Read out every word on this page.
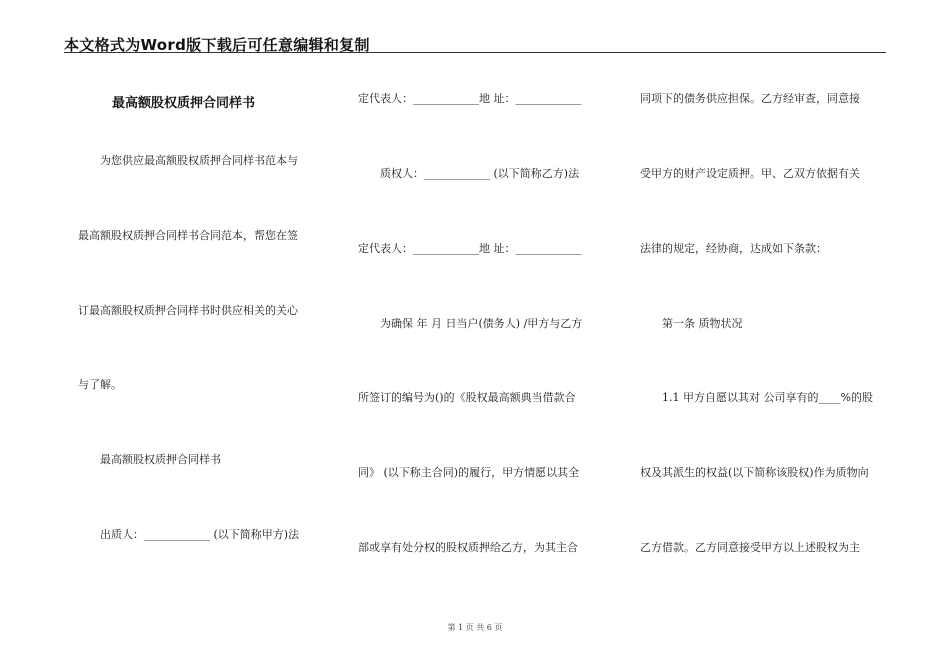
本文格式为Word版下载后可任意编辑和复制
最高额股权质押合同样书
为您供应最高额股权质押合同样书范本与
最高额股权质押合同样书合同范本，帮您在签
订最高额股权质押合同样书时供应相关的关心
与了解。
最高额股权质押合同样书
出质人：____________ (以下简称甲方)法
定代表人：____________地 址：____________
质权人：____________ (以下简称乙方)法
定代表人：____________地 址：____________
为确保 年 月 日当户(债务人) /甲方与乙方
所签订的编号为()的《股权最高额典当借款合
同》 (以下称主合同)的履行，甲方情愿以其全
部或享有处分权的股权质押给乙方，为其主合
同项下的债务供应担保。乙方经审查，同意接
受甲方的财产设定质押。甲、乙双方依据有关
法律的规定，经协商，达成如下条款：
第一条 质物状况
1.1 甲方自愿以其对 公司享有的____%的股
权及其派生的权益(以下简称该股权)作为质物向
乙方借款。乙方同意接受甲方以上述股权为主
第 1 页 共 6 页
